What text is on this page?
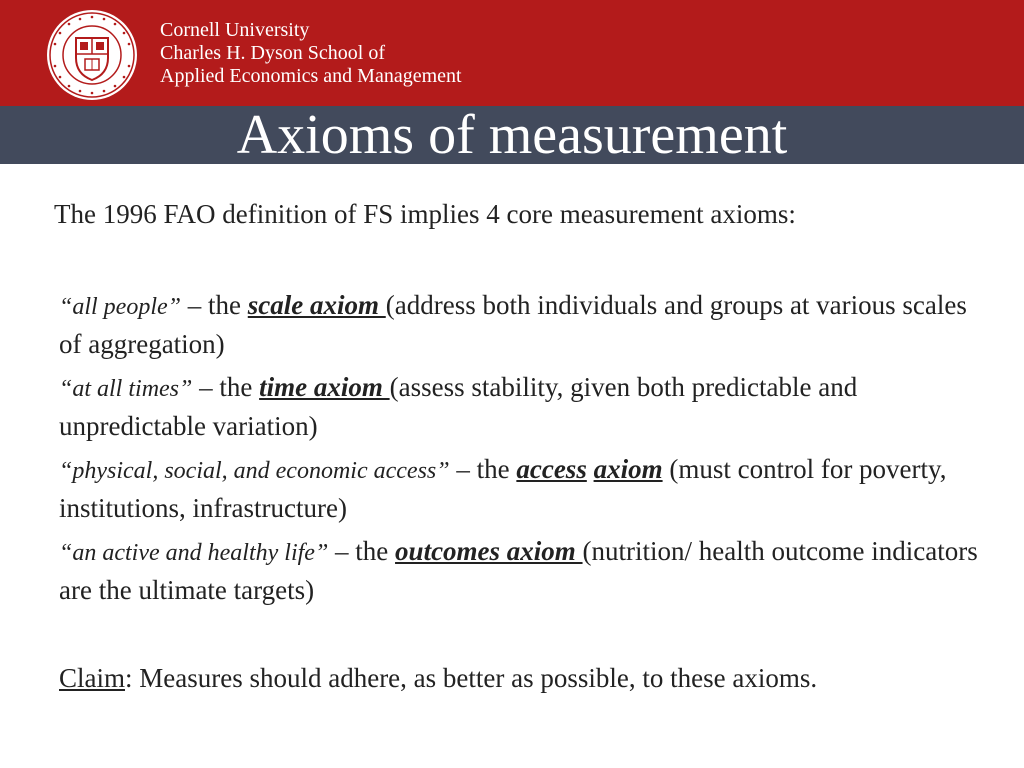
Cornell University
Charles H. Dyson School of
Applied Economics and Management
Axioms of measurement
The 1996 FAO definition of FS implies 4 core measurement axioms:
“all people” – the scale axiom (address both individuals and groups at various scales of aggregation)
“at all times” – the time axiom (assess stability, given both predictable and unpredictable variation)
“physical, social, and economic access” – the access axiom (must control for poverty, institutions, infrastructure)
“an active and healthy life” – the outcomes axiom (nutrition/ health outcome indicators are the ultimate targets)
Claim: Measures should adhere, as better as possible, to these axioms.
